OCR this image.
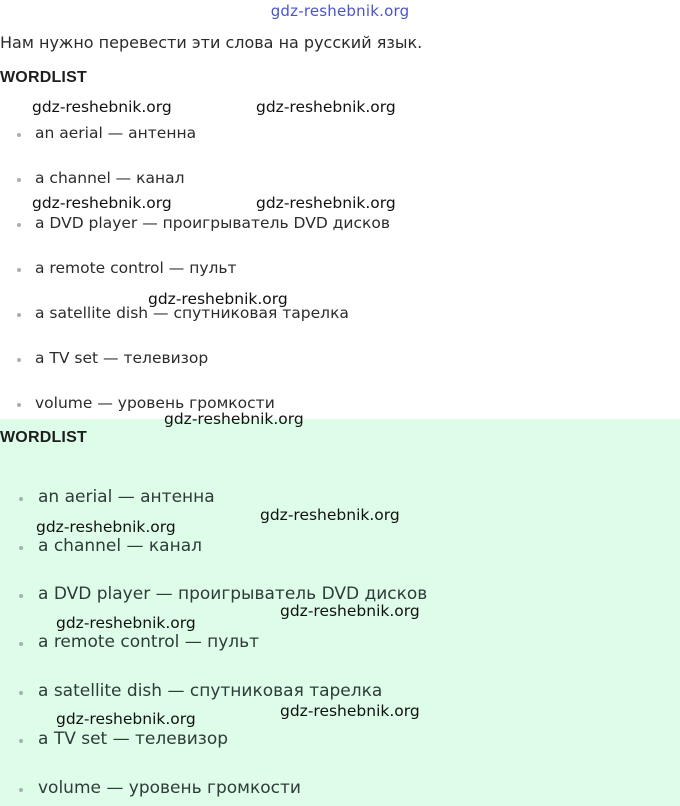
gdz-reshebnik.org
Нам нужно перевести эти слова на русский язык.
WORDLIST
an aerial — антенна
a channel — канал
a DVD player — проигрыватель DVD дисков
a remote control — пульт
a satellite dish — спутниковая тарелка
a TV set — телевизор
volume — уровень громкости
WORDLIST
an aerial — антенна
a channel — канал
a DVD player — проигрыватель DVD дисков
a remote control — пульт
a satellite dish — спутниковая тарелка
a TV set — телевизор
volume — уровень громкости
gdz-reshebnik.org	gdz-reshebnik.org
gdz-reshebnik.org	gdz-reshebnik.org
gdz-reshebnik.org
gdz-reshebnik.org
gdz-reshebnik.org
gdz-reshebnik.org
gdz-reshebnik.org
gdz-reshebnik.org
gdz-reshebnik.org
gdz-reshebnik.org
